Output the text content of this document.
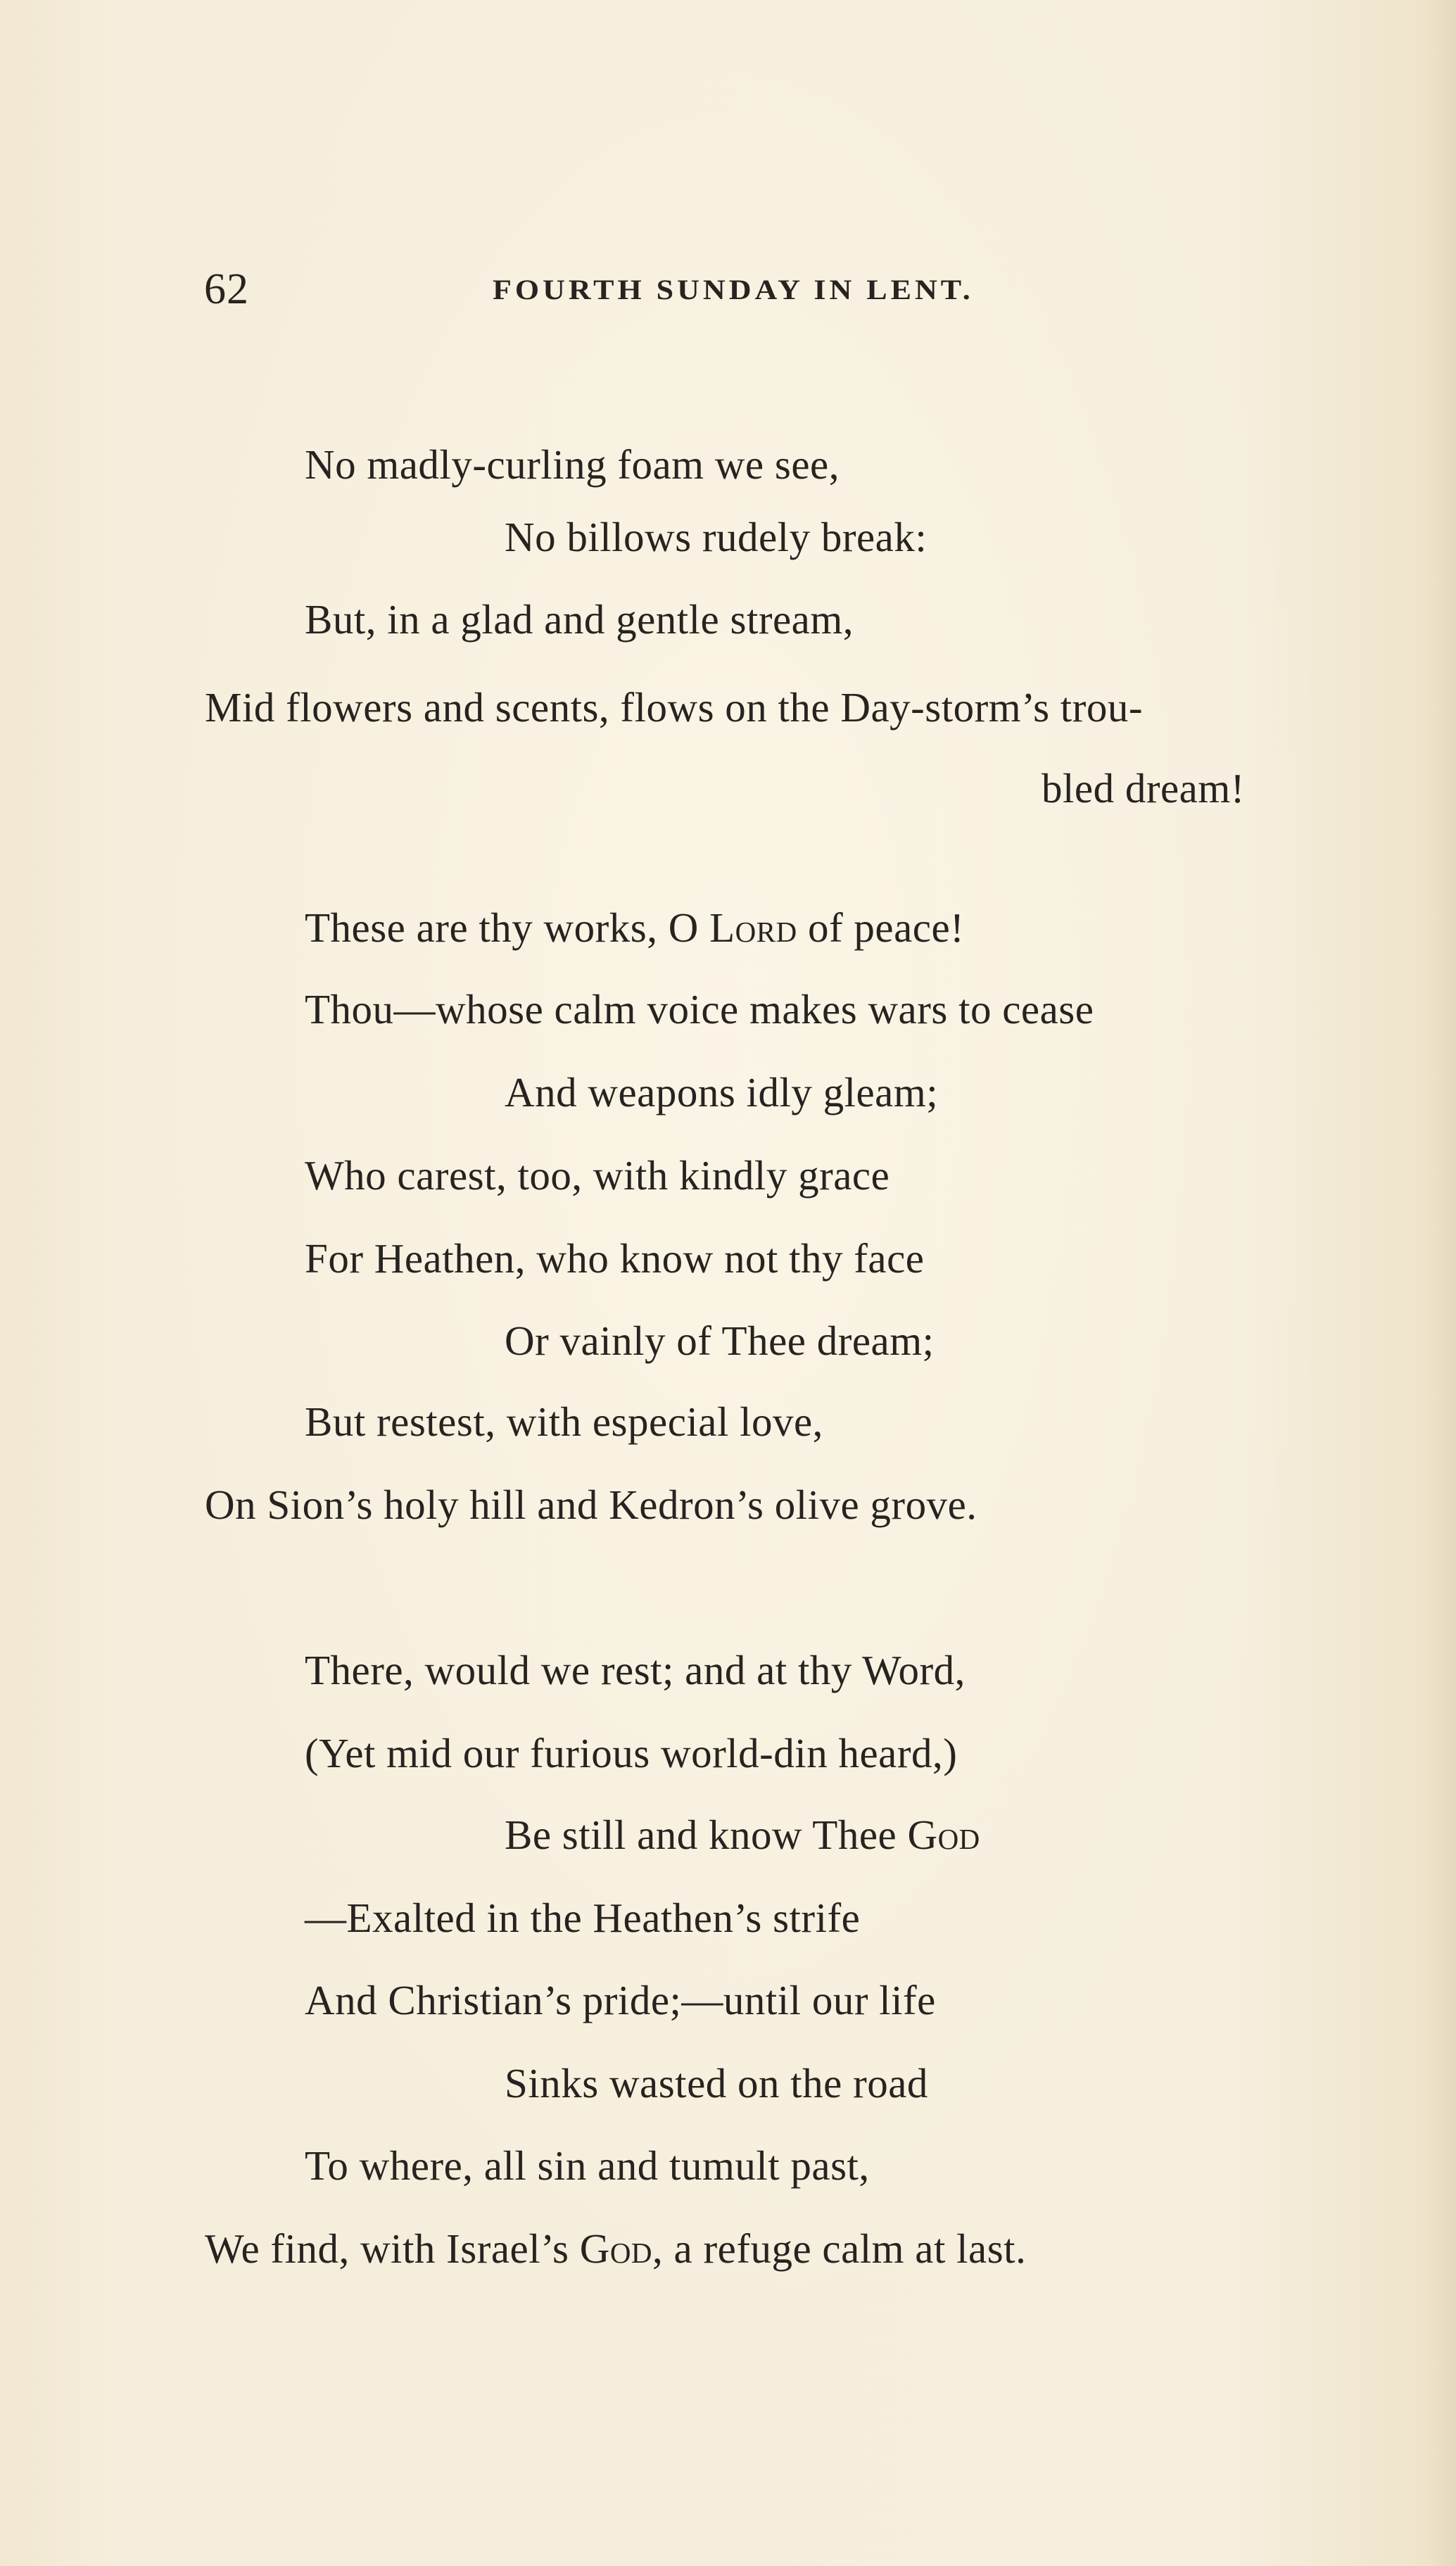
62	FOURTH SUNDAY IN LENT.
No madly-curling foam we see,
No billows rudely break:
But, in a glad and gentle stream,
Mid flowers and scents, flows on the Day-storm’s trou-
bled dream!
These are thy works, O Lord of peace!
Thou—whose calm voice makes wars to cease
And weapons idly gleam;
Who carest, too, with kindly grace
For Heathen, who know not thy face
Or vainly of Thee dream;
But restest, with especial love,
On Sion’s holy hill and Kedron’s olive grove.
There, would we rest; and at thy Word,
(Yet mid our furious world-din heard,)
Be still and know Thee God
—Exalted in the Heathen’s strife
And Christian’s pride;—until our life
Sinks wasted on the road
To where, all sin and tumult past,
We find, with Israel’s God, a refuge calm at last.
